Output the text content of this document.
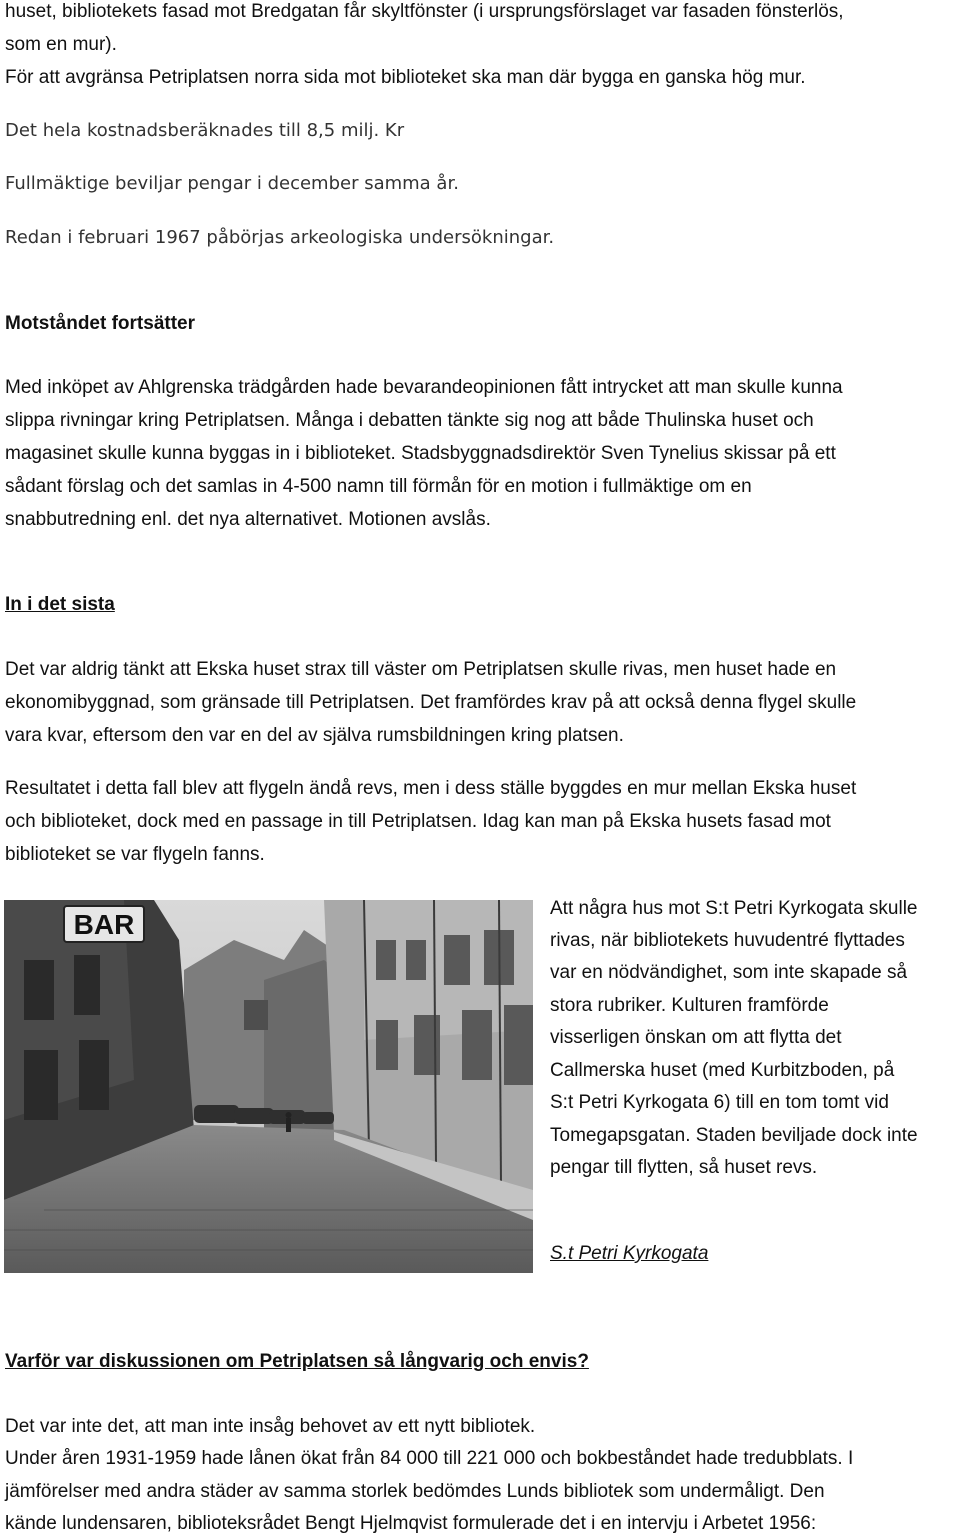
huset, bibliotekets fasad mot Bredgatan får skyltfönster (i ursprungsförslaget var fasaden fönsterlös,

som en mur).

För att avgränsa Petriplatsen norra sida mot biblioteket ska man där bygga en ganska hög mur.

Det hela kostnadsberäknades till 8,5 milj. Kr

Fullmäktige beviljar pengar i december samma år.

Redan i februari 1967 påbörjas arkeologiska undersökningar.

Motståndet fortsätter

Med inköpet av Ahlgrenska trädgården hade bevarandeopinionen fått intrycket att man skulle kunna

slippa rivningar kring Petriplatsen. Många i debatten tänkte sig nog att både Thulinska huset och

magasinet skulle kunna byggas in i biblioteket. Stadsbyggnadsdirektör Sven Tynelius skissar på ett

sådant förslag och det samlas in 4-500 namn till förmån för en motion i fullmäktige om en

snabbutredning enl. det nya alternativet. Motionen avslås.

In i det sista

Det var aldrig tänkt att Ekska huset strax till väster om Petriplatsen skulle rivas, men huset hade en

ekonomibyggnad, som gränsade till Petriplatsen. Det framfördes krav på att också denna flygel skulle

vara kvar, eftersom den var en del av själva rumsbildningen kring platsen.

Resultatet i detta fall blev att flygeln ändå revs, men i dess ställe byggdes en mur mellan Ekska huset

och biblioteket, dock med en passage in till Petriplatsen. Idag kan man på Ekska husets fasad mot

biblioteket se var flygeln fanns.

BAR

Att några hus mot S:t Petri Kyrkogata skulle

rivas, när bibliotekets huvudentré flyttades

var en nödvändighet, som inte skapade så

stora rubriker. Kulturen framförde

visserligen önskan om att flytta det

Callmerska huset (med Kurbitzboden, på

S:t Petri Kyrkogata 6) till en tom tomt vid

Tomegapsgatan. Staden beviljade dock inte

pengar till flytten, så huset revs.

S.t Petri Kyrkogata

Varför var diskussionen om Petriplatsen så långvarig och envis?

Det var inte det, att man inte insåg behovet av ett nytt bibliotek.

Under åren 1931-1959 hade lånen ökat från 84 000 till 221 000 och bokbeståndet hade tredubblats. I

jämförelser med andra städer av samma storlek bedömdes Lunds bibliotek som undermåligt. Den

kände lundensaren, biblioteksrådet Bengt Hjelmqvist formulerade det i en intervju i Arbetet 1956:
